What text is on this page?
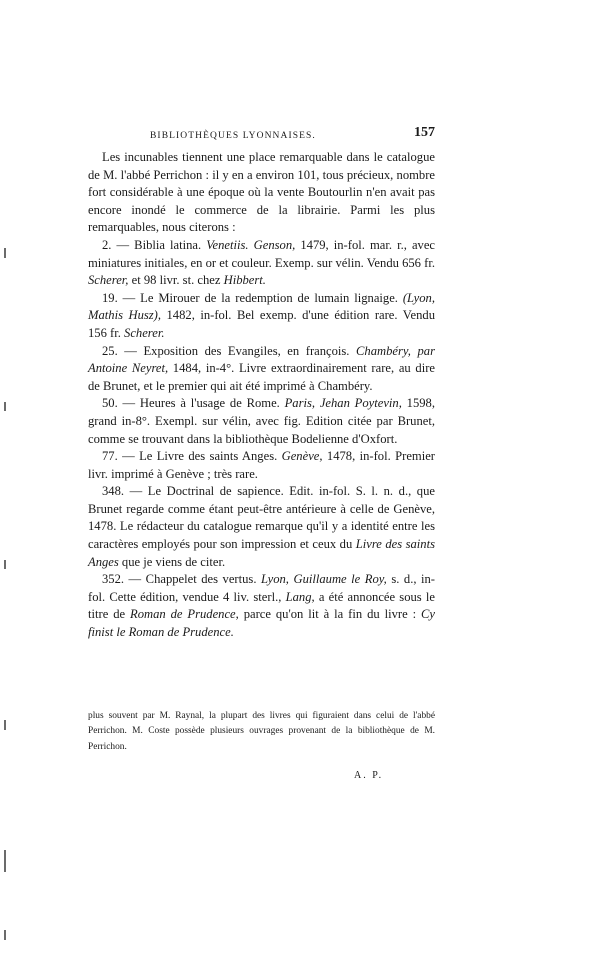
BIBLIOTHÈQUES LYONNAISES.	157

Les incunables tiennent une place remarquable dans le catalogue de M. l'abbé Perrichon : il y en a environ 101, tous précieux, nombre fort considérable à une époque où la vente Boutourlin n'en avait pas encore inondé le commerce de la librairie. Parmi les plus remarquables, nous citerons :

2. — Biblia latina. Venetiis. Genson, 1479, in-fol. mar. r., avec miniatures initiales, en or et couleur. Exemp. sur vélin. Vendu 656 fr. Scherer, et 98 livr. st. chez Hibbert.

19. — Le Mirouer de la redemption de lumain lignaige. (Lyon, Mathis Husz), 1482, in-fol. Bel exemp. d'une édition rare. Vendu 156 fr. Scherer.

25. — Exposition des Evangiles, en françois. Chambéry, par Antoine Neyret, 1484, in-4°. Livre extraordinairement rare, au dire de Brunet, et le premier qui ait été imprimé à Chambéry.

50. — Heures à l'usage de Rome. Paris, Jehan Poytevin, 1598, grand in-8°. Exempl. sur vélin, avec fig. Edition citée par Brunet, comme se trouvant dans la bibliothèque Bodelienne d'Oxfort.

77. — Le Livre des saints Anges. Genève, 1478, in-fol. Premier livr. imprimé à Genève ; très rare.

348. — Le Doctrinal de sapience. Edit. in-fol. S. l. n. d., que Brunet regarde comme étant peut-être antérieure à celle de Genève, 1478. Le rédacteur du catalogue remarque qu'il y a identité entre les caractères employés pour son impression et ceux du Livre des saints Anges que je viens de citer.

352. — Chappelet des vertus. Lyon, Guillaume le Roy, s. d., in-fol. Cette édition, vendue 4 liv. sterl., Lang, a été annoncée sous le titre de Roman de Prudence, parce qu'on lit à la fin du livre : Cy finist le Roman de Prudence.

plus souvent par M. Raynal, la plupart des livres qui figuraient dans celui de l'abbé Perrichon. M. Coste possède plusieurs ouvrages provenant de la bibliothèque de M. Perrichon.

A. P.
